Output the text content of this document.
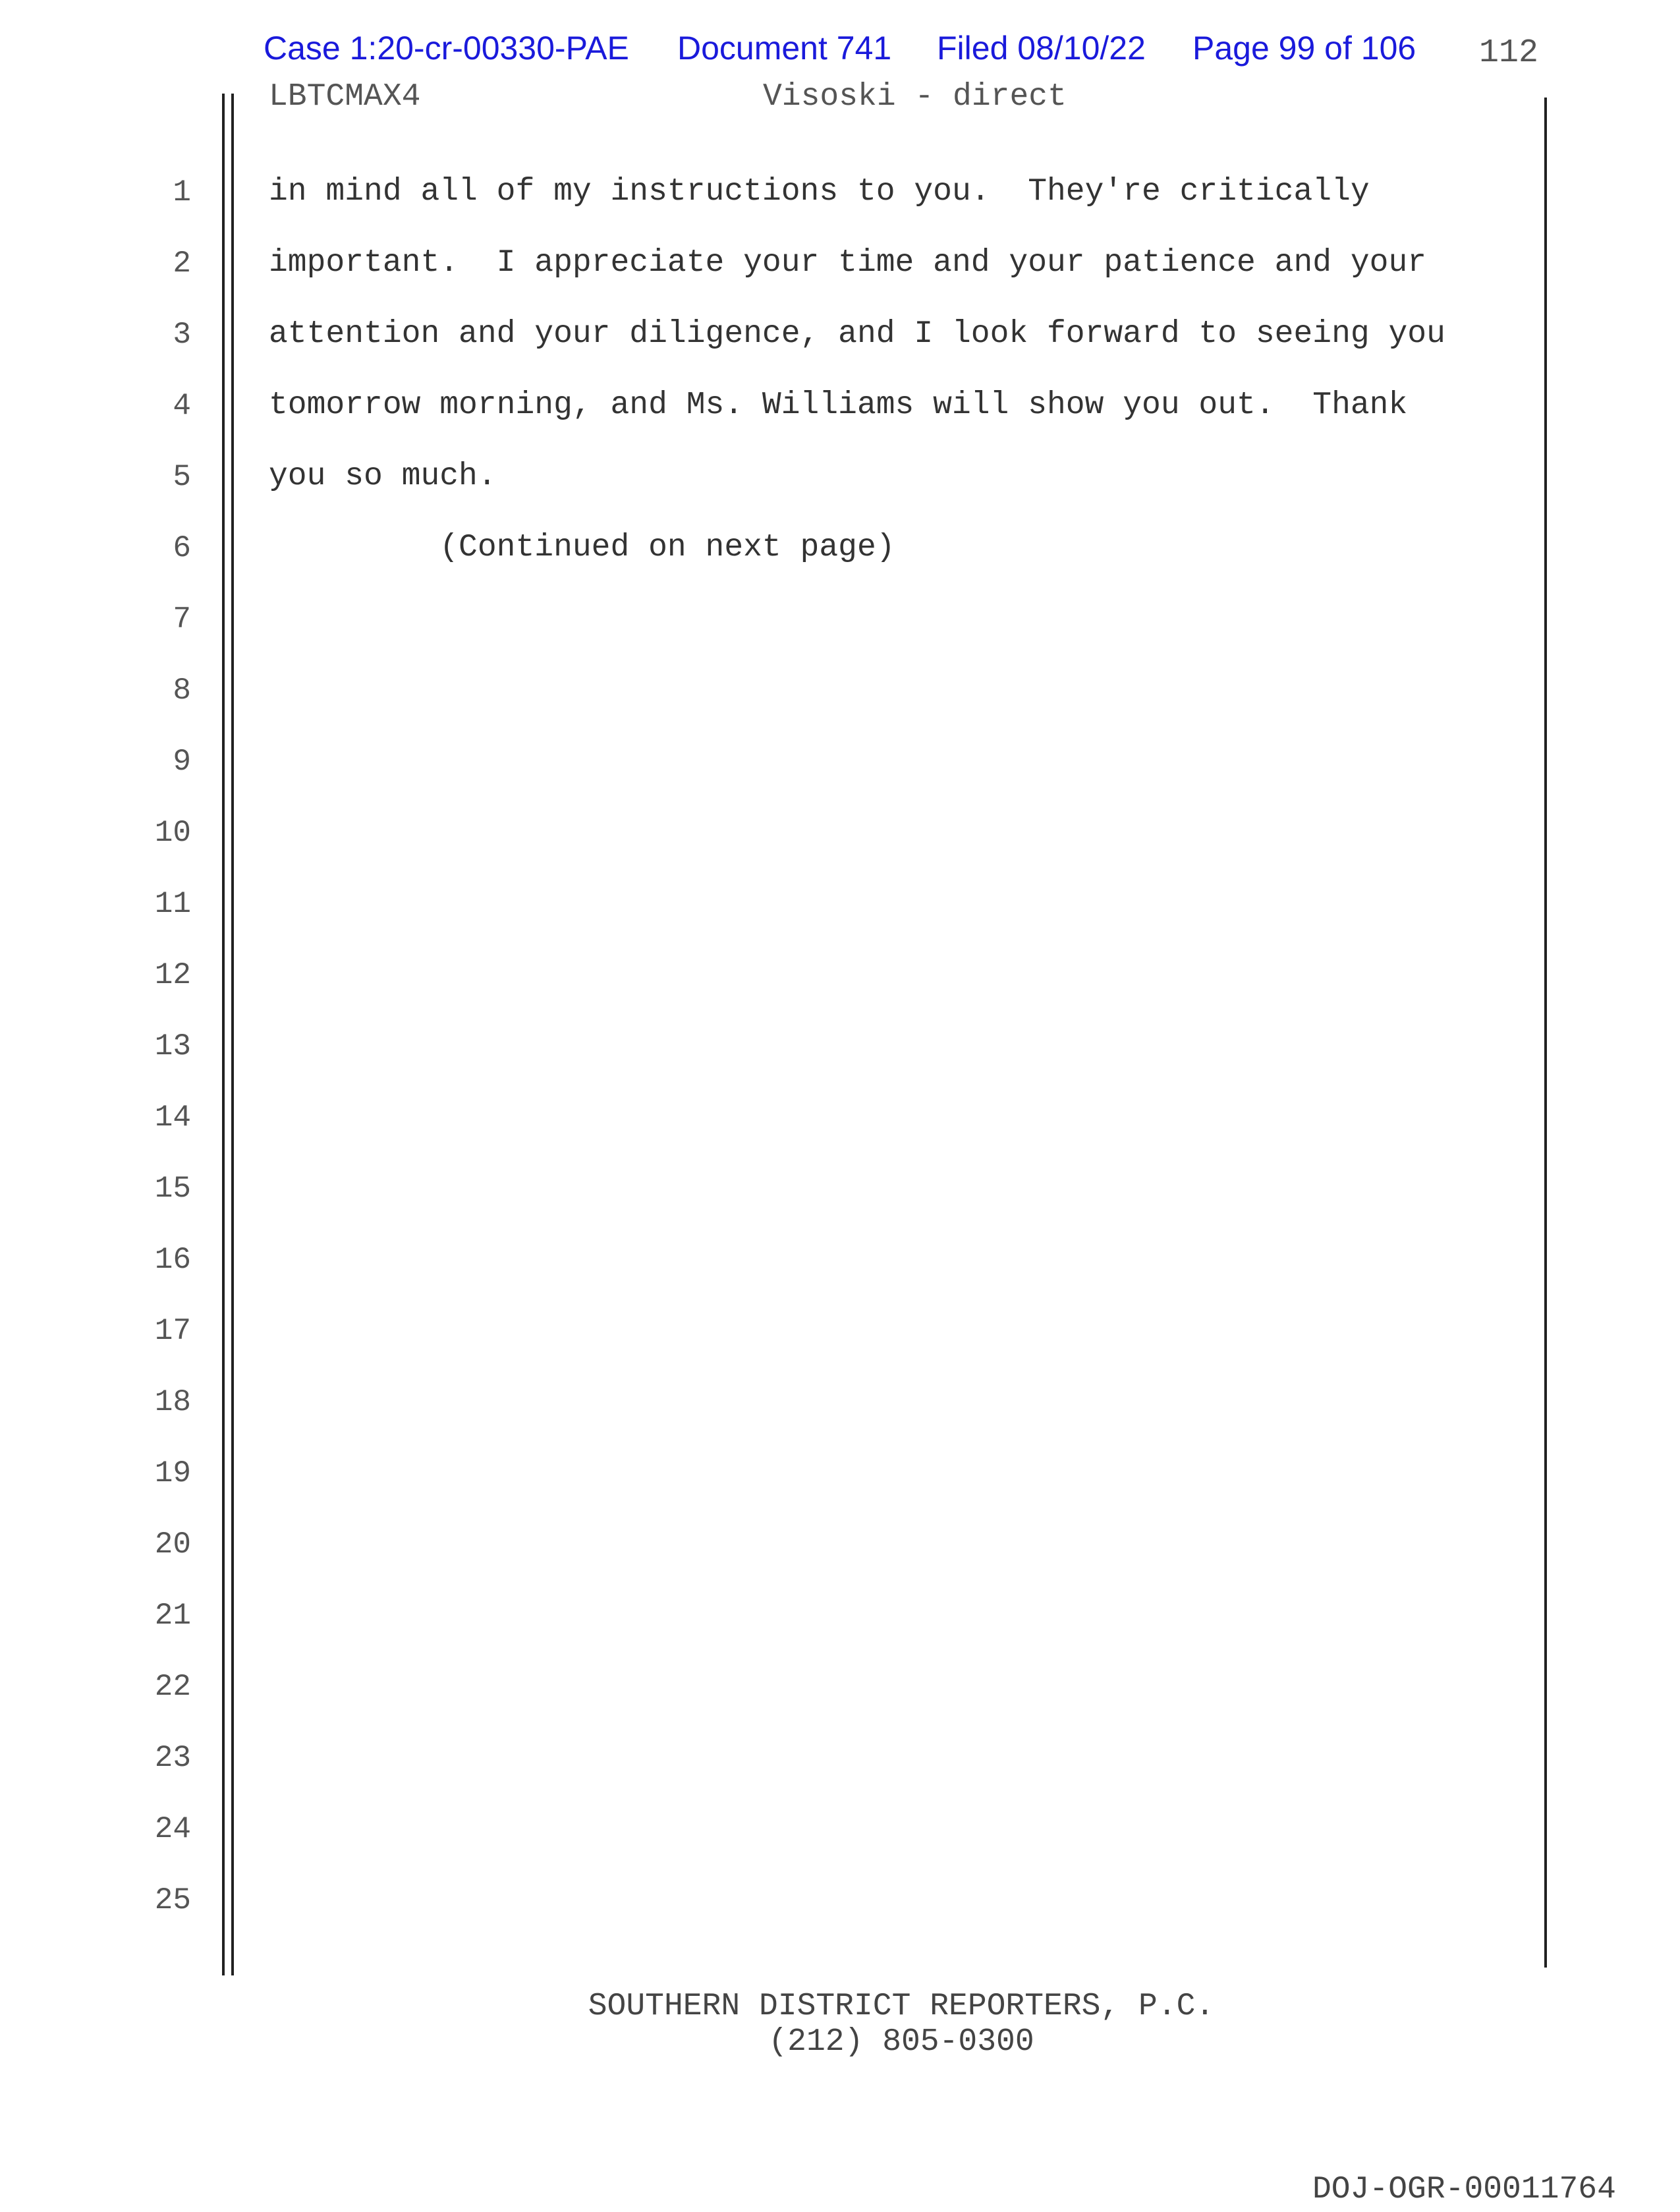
Case 1:20-cr-00330-PAE Document 741 Filed 08/10/22 Page 99 of 106 112
LBTCMAX4	Visoski - direct
1
2
3
4
5
6
7
8
9
10
11
12
13
14
15
16
17
18
19
20
21
22
23
24
25
in mind all of my instructions to you.  They're critically
important.  I appreciate your time and your patience and your
attention and your diligence, and I look forward to seeing you
tomorrow morning, and Ms. Williams will show you out.  Thank
you so much.
(Continued on next page)
SOUTHERN DISTRICT REPORTERS, P.C.
(212) 805-0300
DOJ-OGR-00011764
